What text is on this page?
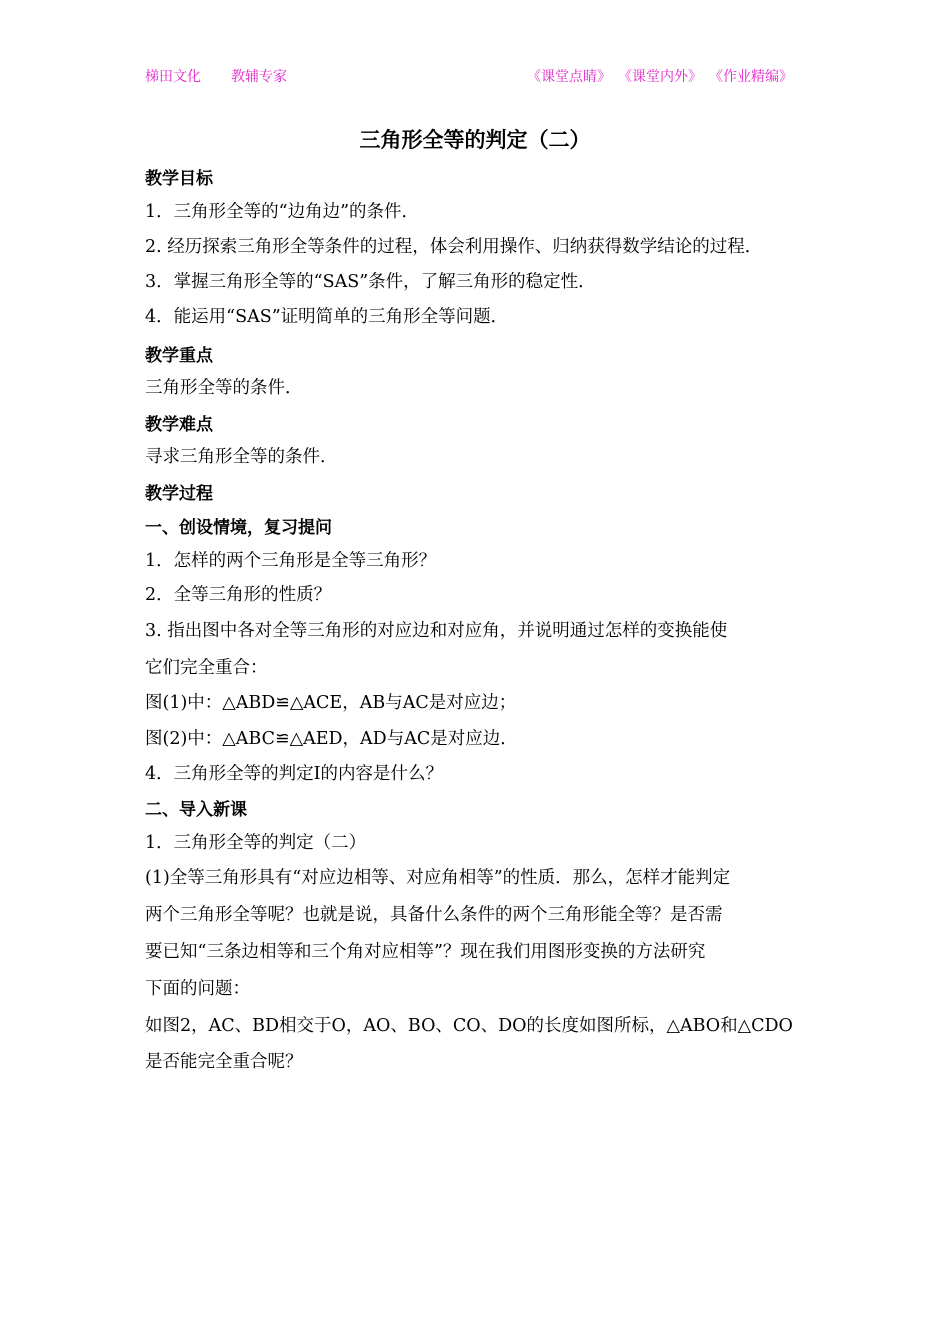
梯田文化 教辅专家	《课堂点睛》 《课堂内外》 《作业精编》
三角形全等的判定（二）
教学目标
1．三角形全等的“边角边”的条件．
2. 经历探索三角形全等条件的过程，体会利用操作、归纳获得数学结论的过程．
3．掌握三角形全等的“SAS”条件，了解三角形的稳定性．
4．能运用“SAS”证明简单的三角形全等问题．
教学重点
三角形全等的条件．
教学难点
寻求三角形全等的条件．
教学过程
一、创设情境，复习提问
1．怎样的两个三角形是全等三角形？
2．全等三角形的性质？
3. 指出图中各对全等三角形的对应边和对应角，并说明通过怎样的变换能使
它们完全重合：
图(1)中：△ABD≌△ACE，AB与AC是对应边；
图(2)中：△ABC≌△AED，AD与AC是对应边．
4．三角形全等的判定Ⅰ的内容是什么？
二、导入新课
1．三角形全等的判定（二）
(1)全等三角形具有“对应边相等、对应角相等”的性质．那么，怎样才能判定
两个三角形全等呢？也就是说，具备什么条件的两个三角形能全等？是否需
要已知“三条边相等和三个角对应相等”？现在我们用图形变换的方法研究
下面的问题：
如图2，AC、BD相交于O，AO、BO、CO、DO的长度如图所标，△ABO和△CDO
是否能完全重合呢？
